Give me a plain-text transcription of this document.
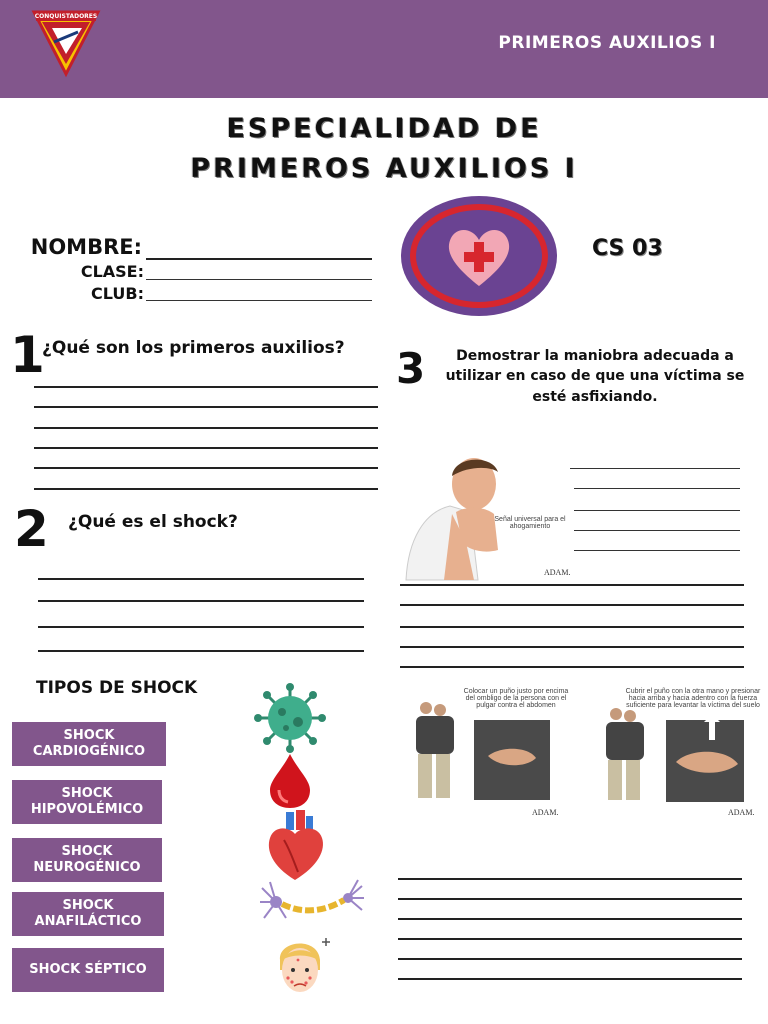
CONQUISTADORES
PRIMEROS AUXILIOS I
ESPECIALIDAD DE
PRIMEROS AUXILIOS I
NOMBRE:
CLASE:
CLUB:
CS 03
1
¿Qué son los primeros auxilios?
2 ¿Qué es el shock?
TIPOS DE SHOCK
SHOCK CARDIOGÉNICO
SHOCK HIPOVOLÉMICO
SHOCK NEUROGÉNICO
SHOCK ANAFILÁCTICO
SHOCK SÉPTICO
3	Demostrar la maniobra adecuada a utilizar en caso de que una víctima se esté asfixiando.
Señal universal para el ahogamiento
ADAM.
Colocar un puño justo por encima del ombligo de la persona con el pulgar contra el abdomen
ADAM.
Cubrir el puño con la otra mano y presionar hacia arriba y hacia adentro con la fuerza suficiente para levantar la víctima del suelo
ADAM.
